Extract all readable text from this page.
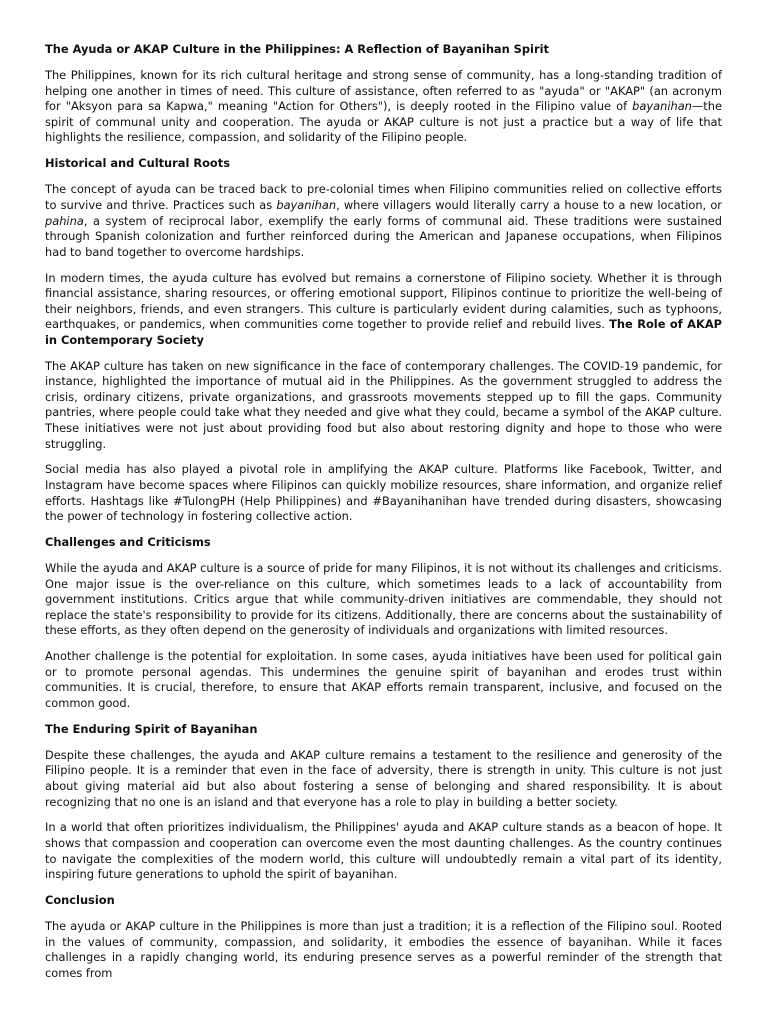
The Ayuda or AKAP Culture in the Philippines: A Reflection of Bayanihan Spirit

The Philippines, known for its rich cultural heritage and strong sense of community, has a long-standing tradition of helping one another in times of need. This culture of assistance, often referred to as "ayuda" or "AKAP" (an acronym for "Aksyon para sa Kapwa," meaning "Action for Others"), is deeply rooted in the Filipino value of bayanihan—the spirit of communal unity and cooperation. The ayuda or AKAP culture is not just a practice but a way of life that highlights the resilience, compassion, and solidarity of the Filipino people.

Historical and Cultural Roots

The concept of ayuda can be traced back to pre-colonial times when Filipino communities relied on collective efforts to survive and thrive. Practices such as bayanihan, where villagers would literally carry a house to a new location, or pahina, a system of reciprocal labor, exemplify the early forms of communal aid. These traditions were sustained through Spanish colonization and further reinforced during the American and Japanese occupations, when Filipinos had to band together to overcome hardships.

In modern times, the ayuda culture has evolved but remains a cornerstone of Filipino society. Whether it is through financial assistance, sharing resources, or offering emotional support, Filipinos continue to prioritize the well-being of their neighbors, friends, and even strangers. This culture is particularly evident during calamities, such as typhoons, earthquakes, or pandemics, when communities come together to provide relief and rebuild lives. The Role of AKAP in Contemporary Society

The AKAP culture has taken on new significance in the face of contemporary challenges. The COVID-19 pandemic, for instance, highlighted the importance of mutual aid in the Philippines. As the government struggled to address the crisis, ordinary citizens, private organizations, and grassroots movements stepped up to fill the gaps. Community pantries, where people could take what they needed and give what they could, became a symbol of the AKAP culture. These initiatives were not just about providing food but also about restoring dignity and hope to those who were struggling.

Social media has also played a pivotal role in amplifying the AKAP culture. Platforms like Facebook, Twitter, and Instagram have become spaces where Filipinos can quickly mobilize resources, share information, and organize relief efforts. Hashtags like #TulongPH (Help Philippines) and #Bayanihanihan have trended during disasters, showcasing the power of technology in fostering collective action.

Challenges and Criticisms

While the ayuda and AKAP culture is a source of pride for many Filipinos, it is not without its challenges and criticisms. One major issue is the over-reliance on this culture, which sometimes leads to a lack of accountability from government institutions. Critics argue that while community-driven initiatives are commendable, they should not replace the state's responsibility to provide for its citizens. Additionally, there are concerns about the sustainability of these efforts, as they often depend on the generosity of individuals and organizations with limited resources.

Another challenge is the potential for exploitation. In some cases, ayuda initiatives have been used for political gain or to promote personal agendas. This undermines the genuine spirit of bayanihan and erodes trust within communities. It is crucial, therefore, to ensure that AKAP efforts remain transparent, inclusive, and focused on the common good.

The Enduring Spirit of Bayanihan

Despite these challenges, the ayuda and AKAP culture remains a testament to the resilience and generosity of the Filipino people. It is a reminder that even in the face of adversity, there is strength in unity. This culture is not just about giving material aid but also about fostering a sense of belonging and shared responsibility. It is about recognizing that no one is an island and that everyone has a role to play in building a better society.

In a world that often prioritizes individualism, the Philippines' ayuda and AKAP culture stands as a beacon of hope. It shows that compassion and cooperation can overcome even the most daunting challenges. As the country continues to navigate the complexities of the modern world, this culture will undoubtedly remain a vital part of its identity, inspiring future generations to uphold the spirit of bayanihan.

Conclusion

The ayuda or AKAP culture in the Philippines is more than just a tradition; it is a reflection of the Filipino soul. Rooted in the values of community, compassion, and solidarity, it embodies the essence of bayanihan. While it faces challenges in a rapidly changing world, its enduring presence serves as a powerful reminder of the strength that comes from
